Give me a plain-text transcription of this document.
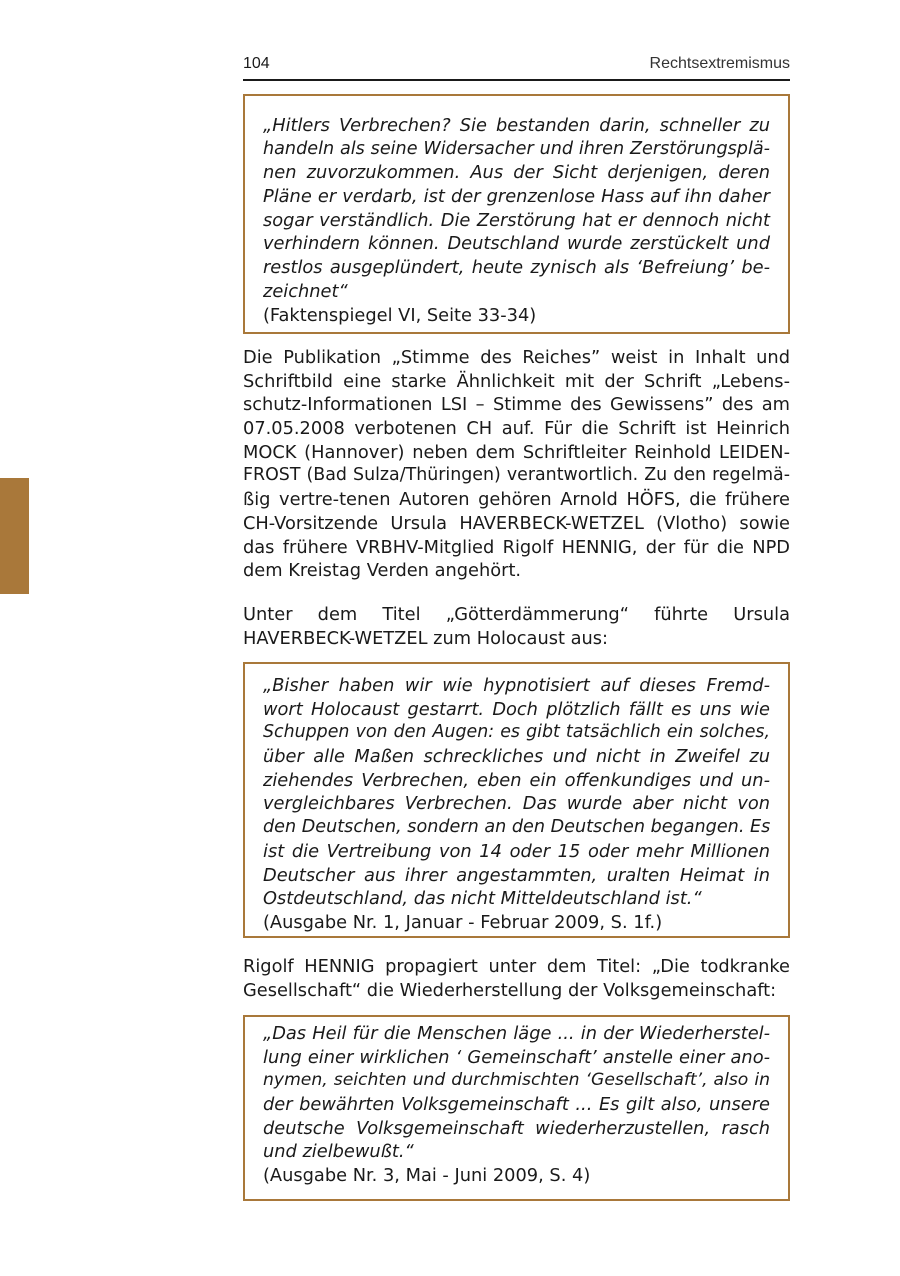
104	Rechtsextremismus
„Hitlers Verbrechen? Sie bestanden darin, schneller zu
handeln als seine Widersacher und ihren Zerstörungsplä-
nen zuvorzukommen. Aus der Sicht derjenigen, deren
Pläne er verdarb, ist der grenzenlose Hass auf ihn daher
sogar verständlich. Die Zerstörung hat er dennoch nicht
verhindern können. Deutschland wurde zerstückelt und
restlos ausgeplündert, heute zynisch als ‘Befreiung’ be-
zeichnet“
(Faktenspiegel VI, Seite 33-34)
Die Publikation „Stimme des Reiches” weist in Inhalt und
Schriftbild eine starke Ähnlichkeit mit der Schrift „Lebens-
schutz-Informationen LSI – Stimme des Gewissens” des am
07.05.2008 verbotenen CH auf. Für die Schrift ist Heinrich
MOCK (Hannover) neben dem Schriftleiter Reinhold LEIDEN-
FROST (Bad Sulza/Thüringen) verantwortlich. Zu den regelmä-
ßig vertre-tenen Autoren gehören Arnold HÖFS, die frühere
CH-Vorsitzende Ursula HAVERBECK-WETZEL (Vlotho) sowie
das frühere VRBHV-Mitglied Rigolf HENNIG, der für die NPD
dem Kreistag Verden angehört.
Unter dem Titel „Götterdämmerung“ führte Ursula
HAVERBECK-WETZEL zum Holocaust aus:
„Bisher haben wir wie hypnotisiert auf dieses Fremd-
wort Holocaust gestarrt. Doch plötzlich fällt es uns wie
Schuppen von den Augen: es gibt tatsächlich ein solches,
über alle Maßen schreckliches und nicht in Zweifel zu
ziehendes Verbrechen, eben ein offenkundiges und un-
vergleichbares Verbrechen. Das wurde aber nicht von
den Deutschen, sondern an den Deutschen begangen. Es
ist die Vertreibung von 14 oder 15 oder mehr Millionen
Deutscher aus ihrer angestammten, uralten Heimat in
Ostdeutschland, das nicht Mitteldeutschland ist.“
(Ausgabe Nr. 1, Januar - Februar 2009, S. 1f.)
Rigolf HENNIG propagiert unter dem Titel: „Die todkranke
Gesellschaft“ die Wiederherstellung der Volksgemeinschaft:
„Das Heil für die Menschen läge ... in der Wiederherstel-
lung einer wirklichen ‘ Gemeinschaft’ anstelle einer ano-
nymen, seichten und durchmischten ‘Gesellschaft’, also in
der bewährten Volksgemeinschaft ... Es gilt also, unsere
deutsche Volksgemeinschaft wiederherzustellen, rasch
und zielbewußt.“
(Ausgabe Nr. 3, Mai - Juni 2009, S. 4)
